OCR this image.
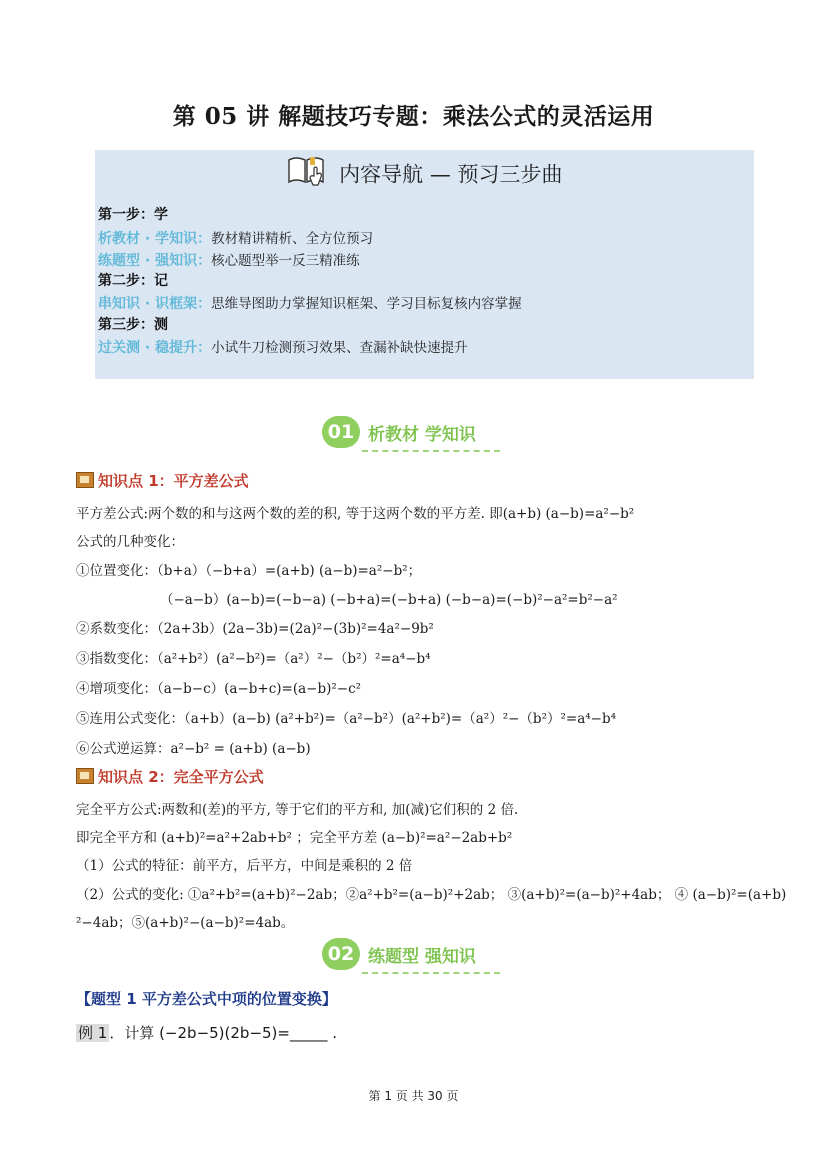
第 05 讲 解题技巧专题：乘法公式的灵活运用
内容导航 — 预习三步曲
第一步：学
析教材 · 学知识：教材精讲精析、全方位预习
练题型 · 强知识：核心题型举一反三精准练
第二步：记
串知识 · 识框架：思维导图助力掌握知识框架、学习目标复核内容掌握
第三步：测
过关测 · 稳提升：小试牛刀检测预习效果、查漏补缺快速提升
01 析教材 学知识
知识点 1：平方差公式
平方差公式:两个数的和与这两个数的差的积, 等于这两个数的平方差. 即(a+b) (a−b)=a²−b²
公式的几种变化：
①位置变化：（b+a）（−b+a）=(a+b) (a−b)=a²−b²；
（−a−b）(a−b)=(−b−a) (−b+a)=(−b+a) (−b−a)=(−b)²−a²=b²−a²
②系数变化：（2a+3b）(2a−3b)=(2a)²−(3b)²=4a²−9b²
③指数变化：（a²+b²）(a²−b²)=（a²）²−（b²）²=a⁴−b⁴
④增项变化：（a−b−c）(a−b+c)=(a−b)²−c²
⑤连用公式变化：（a+b）(a−b) (a²+b²)=（a²−b²）(a²+b²)=（a²）²−（b²）²=a⁴−b⁴
⑥公式逆运算：a²−b² = (a+b) (a−b)
知识点 2：完全平方公式
完全平方公式:两数和(差)的平方, 等于它们的平方和, 加(减)它们积的 2 倍.
即完全平方和 (a+b)²=a²+2ab+b² ；完全平方差 (a−b)²=a²−2ab+b²
（1）公式的特征：前平方，后平方，中间是乘积的 2 倍
（2）公式的变化: ①a²+b²=(a+b)²−2ab；②a²+b²=(a−b)²+2ab； ③(a+b)²=(a−b)²+4ab； ④ (a−b)²=(a+b)
²−4ab；⑤(a+b)²−(a−b)²=4ab。
02 练题型 强知识
【题型 1 平方差公式中项的位置变换】
例 1 ．计算 (−2b−5)(2b−5)=_____ .
第 1 页 共 30 页
